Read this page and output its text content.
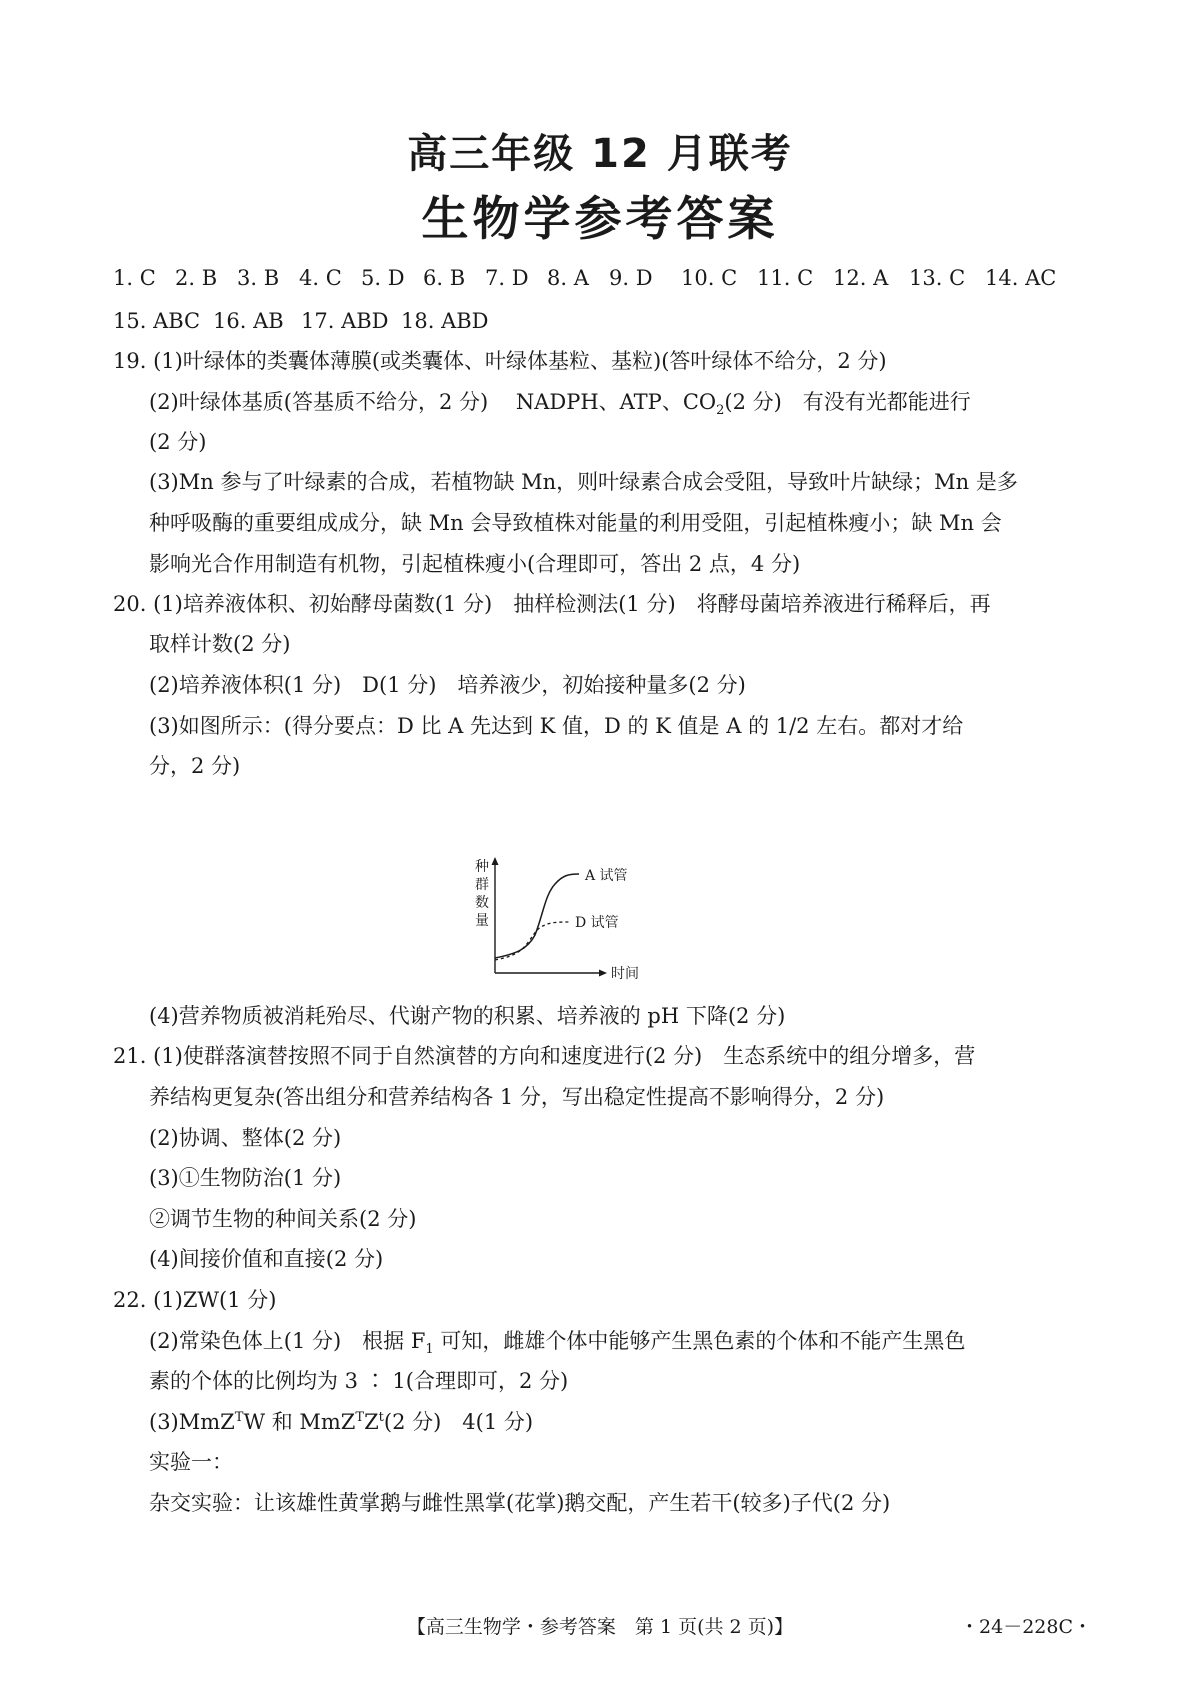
高三年级 12 月联考
生物学参考答案
1. C 2. B 3. B 4. C 5. D 6. B 7. D 8. A 9. D 10. C 11. C 12. A 13. C 14. AC
15. ABC 16. AB 17. ABD 18. ABD
19. (1)叶绿体的类囊体薄膜(或类囊体、叶绿体基粒、基粒)(答叶绿体不给分，2 分)
(2)叶绿体基质(答基质不给分，2 分)　 NADPH、ATP、$CO_2(2$ 分)　有没有光都能进行
(2 分)
(3)Mn 参与了叶绿素的合成，若植物缺 Mn，则叶绿素合成会受阻，导致叶片缺绿；Mn 是多
种呼吸酶的重要组成成分，缺 Mn 会导致植株对能量的利用受阻，引起植株瘦小；缺 Mn 会
影响光合作用制造有机物，引起植株瘦小(合理即可，答出 2 点，4 分)
20. (1)培养液体积、初始酵母菌数(1 分)　抽样检测法(1 分)　将酵母菌培养液进行稀释后，再
取样计数(2 分)
(2)培养液体积(1 分)　D(1 分)　培养液少，初始接种量多(2 分)
(3)如图所示：(得分要点：D 比 A 先达到 K 值，D 的 K 值是 A 的 1/2 左右。都对才给
分，2 分)
种
群
数
量
时间
A 试管
D 试管
(4)营养物质被消耗殆尽、代谢产物的积累、培养液的 pH 下降(2 分)
21. (1)使群落演替按照不同于自然演替的方向和速度进行(2 分)　生态系统中的组分增多，营
养结构更复杂(答出组分和营养结构各 1 分，写出稳定性提高不影响得分，2 分)
(2)协调、整体(2 分)
(3)①生物防治(1 分)
②调节生物的种间关系(2 分)
(4)间接价值和直接(2 分)
22. (1)ZW(1 分)
(2)常染色体上(1 分)　根据 $F_1$ 可知，雌雄个体中能够产生黑色素的个体和不能产生黑色
素的个体的比例均为 3 ∶ 1(合理即可，2 分)
(3)MmZ$^T$W 和 $MmZ^TZ^t(2$ 分)　4(1 分)
实验一：
杂交实验：让该雄性黄掌鹅与雌性黑掌(花掌)鹅交配，产生若干(较多)子代(2 分)
【高三生物学・参考答案　第 1 页(共 2 页)】	・24－228C・
